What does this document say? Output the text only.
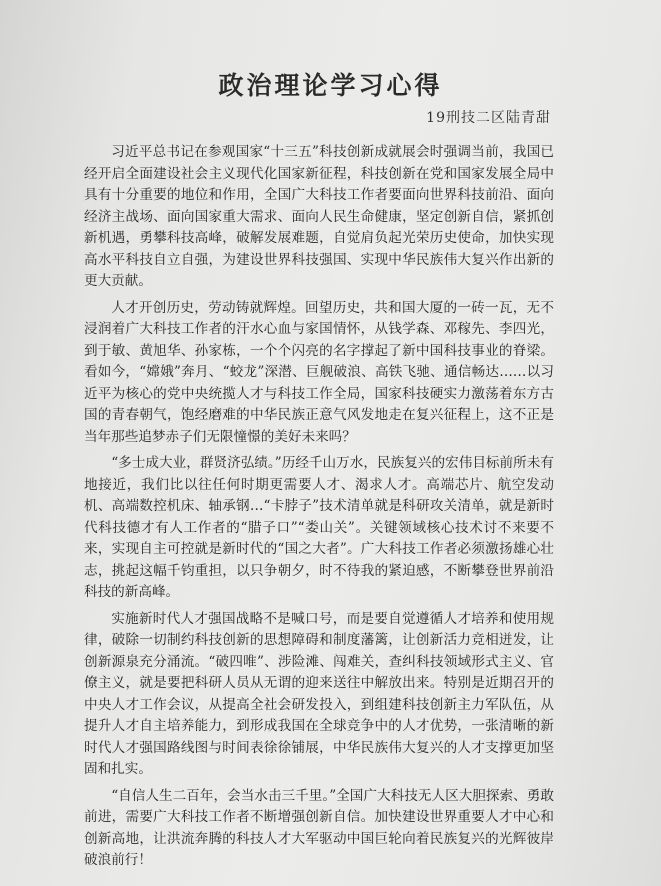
政治理论学习心得
19刑技二区陆青甜

习近平总书记在参观国家“十三五”科技创新成就展会时强调当前，我国已经开启全面建设社会主义现代化国家新征程，科技创新在党和国家发展全局中具有十分重要的地位和作用，全国广大科技工作者要面向世界科技前沿、面向经济主战场、面向国家重大需求、面向人民生命健康，坚定创新自信，紧抓创新机遇，勇攀科技高峰，破解发展难题，自觉肩负起光荣历史使命，加快实现高水平科技自立自强，为建设世界科技强国、实现中华民族伟大复兴作出新的更大贡献。

人才开创历史，劳动铸就辉煌。回望历史，共和国大厦的一砖一瓦，无不浸润着广大科技工作者的汗水心血与家国情怀，从钱学森、邓稼先、李四光，到于敏、黄旭华、孙家栋，一个个闪亮的名字撑起了新中国科技事业的脊梁。看如今，“嫦娥”奔月、“蛟龙”深潜、巨舰破浪、高铁飞驰、通信畅达……以习近平为核心的党中央统揽人才与科技工作全局，国家科技硬实力激荡着东方古国的青春朝气，饱经磨难的中华民族正意气风发地走在复兴征程上，这不正是当年那些追梦赤子们无限憧憬的美好未来吗？

“多士成大业，群贤济弘绩。”历经千山万水，民族复兴的宏伟目标前所未有地接近，我们比以往任何时期更需要人才、渴求人才。高端芯片、航空发动机、高端数控机床、轴承钢…“卡脖子”技术清单就是科研攻关清单，就是新时代科技德才有人工作者的“腊子口”“娄山关”。关键领域核心技术讨不来要不来，实现自主可控就是新时代的“国之大者”。广大科技工作者必须激扬雄心壮志，挑起这幅千钧重担，以只争朝夕，时不待我的紧迫感，不断攀登世界前沿科技的新高峰。

实施新时代人才强国战略不是喊口号，而是要自觉遵循人才培养和使用规律，破除一切制约科技创新的思想障碍和制度藩篱，让创新活力竞相迸发，让创新源泉充分涌流。“破四唯”、涉险滩、闯难关，查纠科技领域形式主义、官僚主义，就是要把科研人员从无谓的迎来送往中解放出来。特别是近期召开的中央人才工作会议，从提高全社会研发投入，到组建科技创新主力军队伍，从提升人才自主培养能力，到形成我国在全球竞争中的人才优势，一张清晰的新时代人才强国路线图与时间表徐徐铺展，中华民族伟大复兴的人才支撑更加坚固和扎实。

“自信人生二百年，会当水击三千里。”全国广大科技无人区大胆探索、勇敢前进，需要广大科技工作者不断增强创新自信。加快建设世界重要人才中心和创新高地，让洪流奔腾的科技人才大军驱动中国巨轮向着民族复兴的光辉彼岸破浪前行！
